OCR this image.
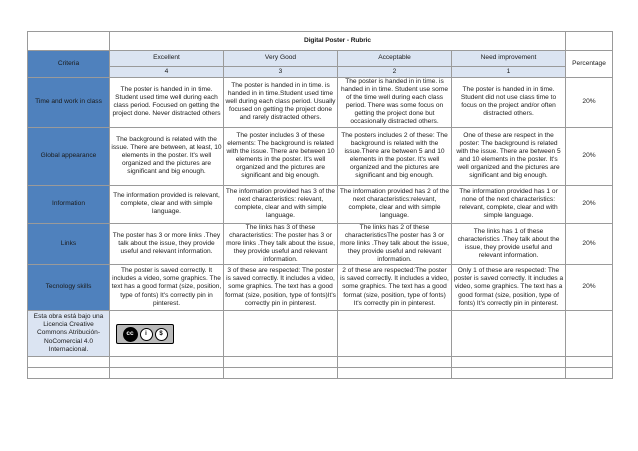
	Digital Poster - Rubric				
Criteria	Excellent	Very Good	Acceptable	Need improvement	Percentage
	4	3	2	1	
Time and work in class	The poster is handed in in time. Student used time well during each class period. Focused on getting the project done. Never distracted others	The poster is handed in in time. is handed in in time.Student used time well during each class period. Usually focused on getting the project done and rarely distracted others.	The poster is handed in in time. is handed in in time. Student use some of the time well during each class period. There was some focus on getting the project done but occasionally distracted others.	The poster is handed in in time. Student did not use class time to focus on the project and/or often distracted others.	20%
Global appearance	The background is related with the issue. There are between, at least, 10 elements in the poster. It's well organized and the pictures are significant and big enough.	The poster includes 3 of these elements: The background is related with the issue. There are between 10 elements in the poster. It's well organized and the pictures are significant and big enough.	The posters includes 2 of these: The background is related with the issue.There are between 5 and 10 elements in the poster. It's well organized and the pictures are significant and big enough.	One of these are respect in the poster: The background is related with the issue. There are between 5 and 10 elements in the poster. It's well organized and the pictures are significant and big enough.	20%
Information	The information provided is relevant, complete, clear and with simple language.	The information provided has 3 of the next characteristics: relevant, complete, clear and with simple language.	The information provided has 2 of the next characteristics:relevant, complete, clear and with simple language.	The information provided has 1 or none of the next characteristics: relevant, complete, clear and with simple language.	20%
Links	The poster has 3 or more links .They talk about the issue, they provide useful and relevant information.	The links has 3 of these characteristics: The poster has 3 or more links .They talk about the issue, they provide useful and relevant information.	The links has 2 of these characteristicsThe poster has 3 or more links .They talk about the issue, they provide useful and relevant information.	The links has 1 of these characteristics .They talk about the issue, they provide useful and relevant information.	20%
Tecnology skills	The poster is saved correctly. It includes a video, some graphics. The text has a good format (size, position, type of fonts) It's correctly pin in pinterest.	3 of these are respected: The poster is saved correctly. It includes a video, some graphics. The text has a good format (size, position, type of fonts)It's correctly pin in pinterest.	2 of these are respected:The poster is saved correctly. It includes a video, some graphics. The text has a good format (size, position, type of fonts) It's correctly pin in pinterest.	Only 1 of these are respected: The poster is saved correctly. It includes a video, some graphics. The text has a good format (size, position, type of fonts) It's correctly pin in pinterest.	20%

Esta obra está bajo una Licencia Creative Commons Atribución-NoComercial 4.0 Internacional.	cc i $				
